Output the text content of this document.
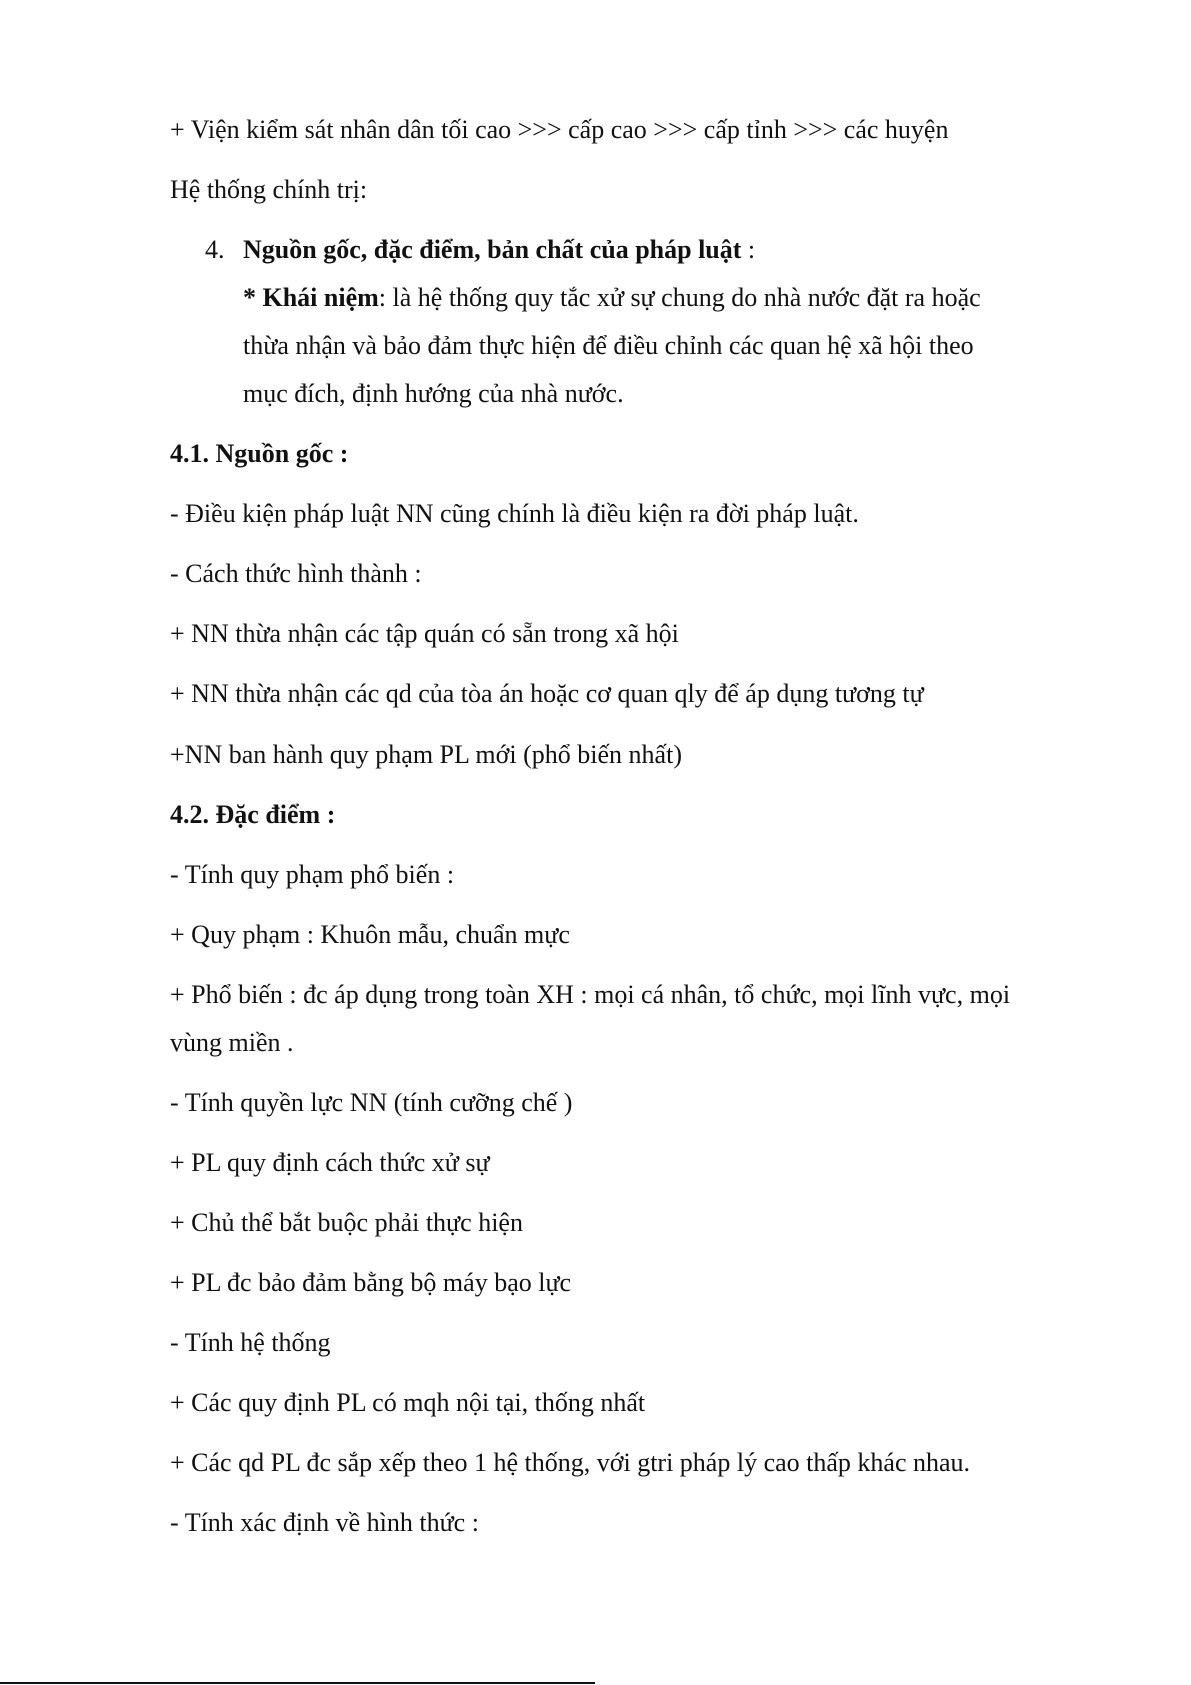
+ Viện kiểm sát nhân dân tối cao >>> cấp cao >>> cấp tỉnh >>> các huyện
Hệ thống chính trị:
4. Nguồn gốc, đặc điểm, bản chất của pháp luật :
* Khái niệm: là hệ thống quy tắc xử sự chung do nhà nước đặt ra hoặc
thừa nhận và bảo đảm thực hiện để điều chỉnh các quan hệ xã hội theo
mục đích, định hướng của nhà nước.
4.1. Nguồn gốc :
- Điều kiện pháp luật NN cũng chính là điều kiện ra đời pháp luật.
- Cách thức hình thành :
+ NN thừa nhận các tập quán có sẵn trong xã hội
+ NN thừa nhận các qd của tòa án hoặc cơ quan qly để áp dụng tương tự
+NN ban hành quy phạm PL mới (phổ biến nhất)
4.2. Đặc điểm :
- Tính quy phạm phổ biến :
+ Quy phạm : Khuôn mẫu, chuẩn mực
+ Phổ biến : đc áp dụng trong toàn XH : mọi cá nhân, tổ chức, mọi lĩnh vực, mọi
vùng miền .
- Tính quyền lực NN (tính cưỡng chế )
+ PL quy định cách thức xử sự
+ Chủ thể bắt buộc phải thực hiện
+ PL đc bảo đảm bằng bộ máy bạo lực
- Tính hệ thống
+ Các quy định PL có mqh nội tại, thống nhất
+ Các qd PL đc sắp xếp theo 1 hệ thống, với gtri pháp lý cao thấp khác nhau.
- Tính xác định về hình thức :
